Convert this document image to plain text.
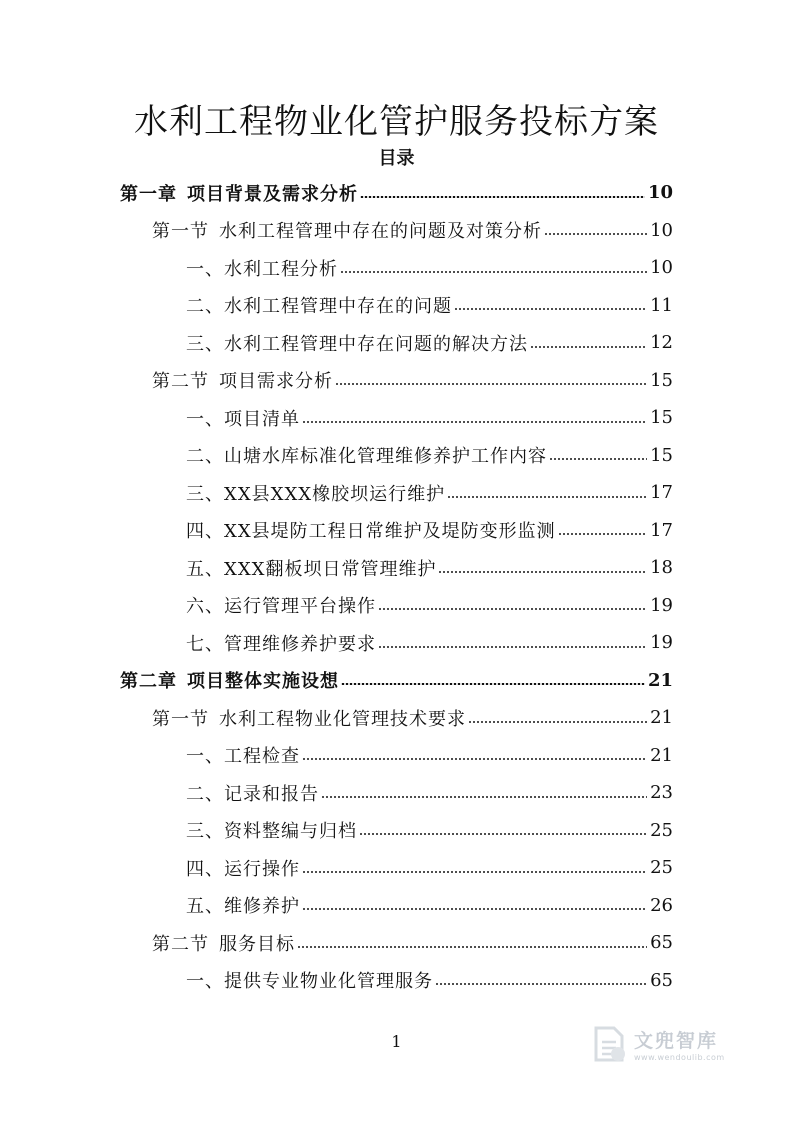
水利工程物业化管护服务投标方案
目录
第一章 项目背景及需求分析	10
第一节 水利工程管理中存在的问题及对策分析	10
一、水利工程分析	10
二、水利工程管理中存在的问题	11
三、水利工程管理中存在问题的解决方法	12
第二节 项目需求分析	15
一、项目清单	15
二、山塘水库标准化管理维修养护工作内容	15
三、XX县XXX橡胶坝运行维护	17
四、XX县堤防工程日常维护及堤防变形监测	17
五、XXX翻板坝日常管理维护	18
六、运行管理平台操作	19
七、管理维修养护要求	19
第二章 项目整体实施设想	21
第一节 水利工程物业化管理技术要求	21
一、工程检查	21
二、记录和报告	23
三、资料整编与归档	25
四、运行操作	25
五、维修养护	26
第二节 服务目标	65
一、提供专业物业化管理服务	65
1	文兜智库
www.wendoulib.com
